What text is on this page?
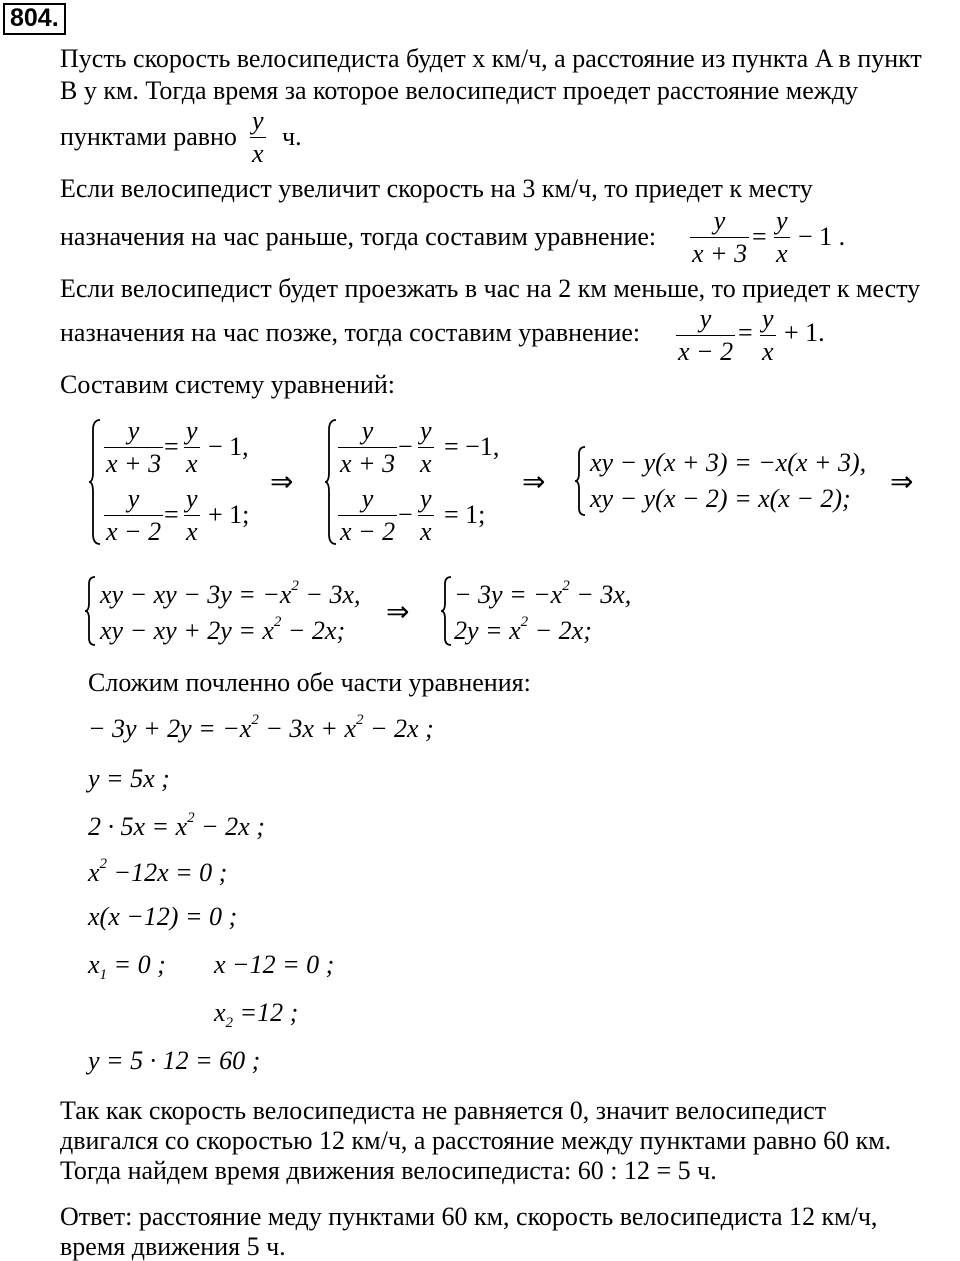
804.
Пусть скорость велосипедиста будет x км/ч, а расстояние из пункта A в пункт
B y км. Тогда время за которое велосипедист проедет расстояние между
пунктами равно
y
x
ч.
Если велосипедист увеличит скорость на 3 км/ч, то приедет к месту
назначения на час раньше, тогда составим уравнение:
y
x + 3
=
y
x
− 1 .
Если велосипедист будет проезжать в час на 2 км меньше, то приедет к месту
назначения на час позже, тогда составим уравнение:	y
x − 2
= y
x
+ 1.
Составим систему уравнений:
y
x + 3
=
y
x
− 1,
y
x − 2
=
y
x
+ 1;
⇒
y
x + 3
−
y
x
= −1,
y
x − 2
−
y
x
= 1;
⇒
xy − y(x + 3) = −x(x + 3),
xy − y(x − 2) = x(x − 2);
⇒
xy − xy − $3y = -x^2 - 3x$,
xy − xy + $2y = x^2 - 2x$;
⇒
− $3y = -x^2 - 3x$,
$2y = x^2 - 2x$;
Сложим почленно обе части уравнения:
− $3y + 2y = -x^2 - 3x + x^2 - 2x$ ;
y = 5x ;
$2 \cdot 5x = x^2 - 2x$ ;
$x^2 -12x = 0$ ;
x(x −12) = 0 ;
$x_1 = 0$ ; x −12 = 0 ;
$x_2 =12$ ;
y = 5 · 12 = 60 ;
Так как скорость велосипедиста не равняется 0, значит велосипедист
двигался со скоростью 12 км/ч, а расстояние между пунктами равно 60 км.
Тогда найдем время движения велосипедиста: 60 : 12 = 5 ч.
Ответ: расстояние меду пунктами 60 км, скорость велосипедиста 12 км/ч,
время движения 5 ч.
